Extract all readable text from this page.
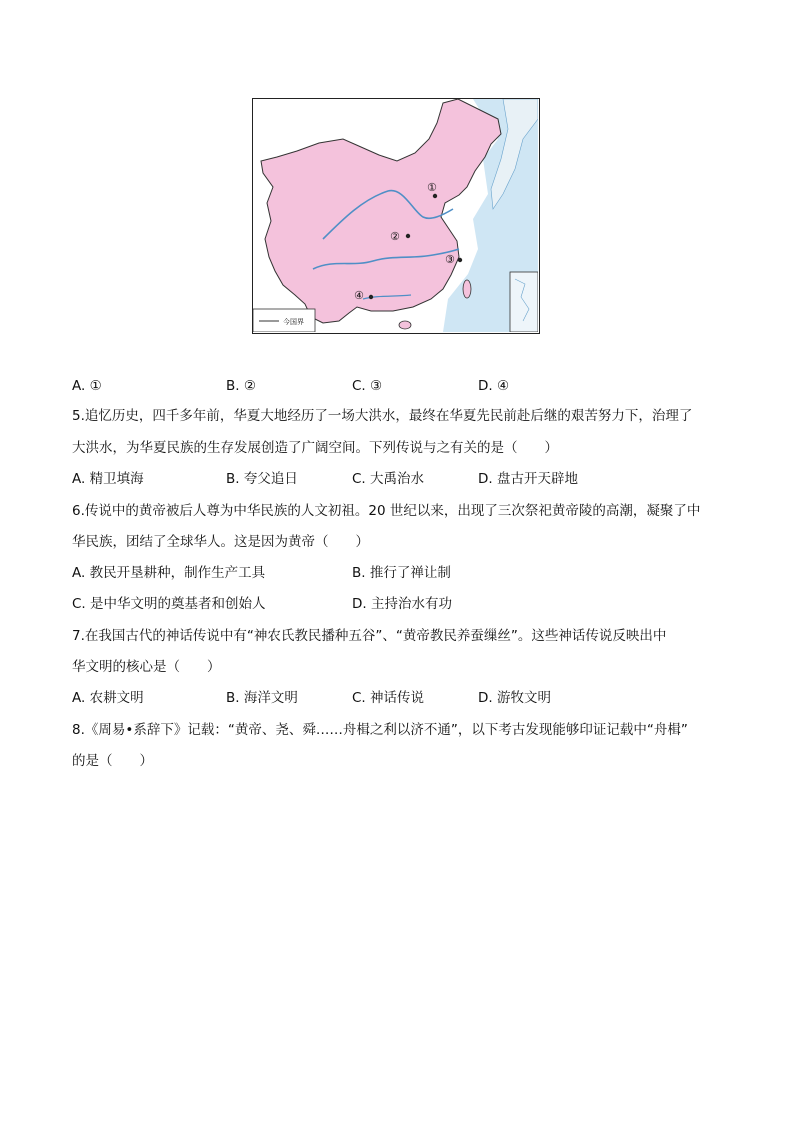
①
②
③
④
今国界
A. ①	B. ②	C. ③	D. ④
5.追忆历史，四千多年前，华夏大地经历了一场大洪水，最终在华夏先民前赴后继的艰苦努力下，治理了
大洪水，为华夏民族的生存发展创造了广阔空间。下列传说与之有关的是（　　）
A. 精卫填海	B. 夸父追日	C. 大禹治水	D. 盘古开天辟地
6.传说中的黄帝被后人尊为中华民族的人文初祖。20 世纪以来，出现了三次祭祀黄帝陵的高潮，凝聚了中
华民族，团结了全球华人。这是因为黄帝（　　）
A. 教民开垦耕种，制作生产工具	B. 推行了禅让制
C. 是中华文明的奠基者和创始人	D. 主持治水有功
7.在我国古代的神话传说中有“神农氏教民播种五谷”、“黄帝教民养蚕缫丝”。这些神话传说反映出中
华文明的核心是（　　）
A. 农耕文明	B. 海洋文明	C. 神话传说	D. 游牧文明
8.《周易•系辞下》记载：“黄帝、尧、舜……舟楫之利以济不通”，以下考古发现能够印证记载中“舟楫”
的是（　　）
